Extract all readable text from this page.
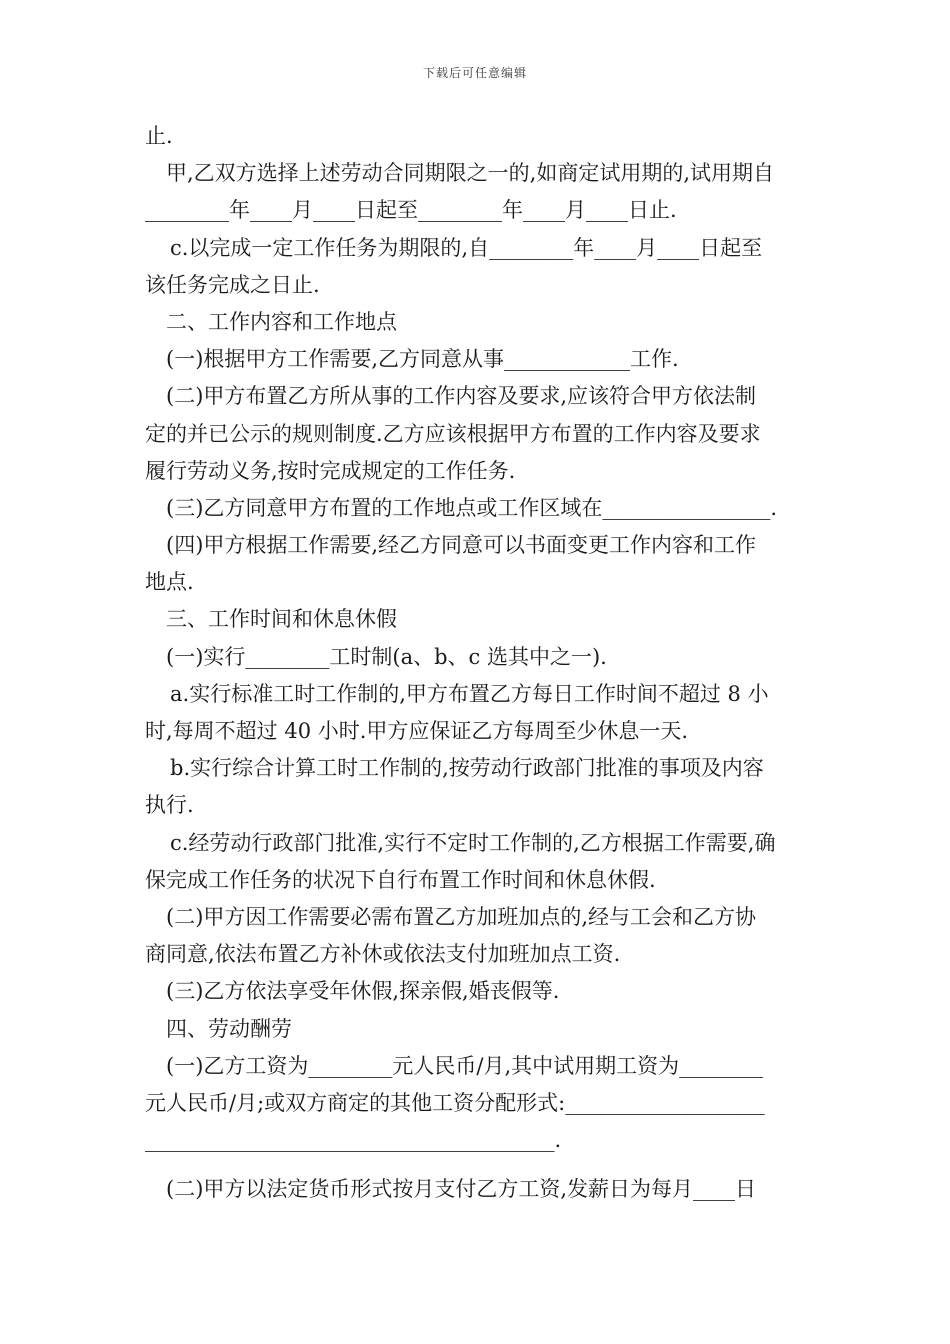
下载后可任意编辑
止.
甲,乙双方选择上述劳动合同期限之一的,如商定试用期的,试用期自
________年____月____日起至________年____月____日止.
c.以完成一定工作任务为期限的,自________年____月____日起至
该任务完成之日止.
二、工作内容和工作地点
(一)根据甲方工作需要,乙方同意从事____________工作.
(二)甲方布置乙方所从事的工作内容及要求,应该符合甲方依法制
定的并已公示的规则制度.乙方应该根据甲方布置的工作内容及要求
履行劳动义务,按时完成规定的工作任务.
(三)乙方同意甲方布置的工作地点或工作区域在________________.
(四)甲方根据工作需要,经乙方同意可以书面变更工作内容和工作
地点.
三、工作时间和休息休假
(一)实行________工时制(a、b、c 选其中之一).
a.实行标准工时工作制的,甲方布置乙方每日工作时间不超过 8 小
时,每周不超过 40 小时.甲方应保证乙方每周至少休息一天.
b.实行综合计算工时工作制的,按劳动行政部门批准的事项及内容
执行.
c.经劳动行政部门批准,实行不定时工作制的,乙方根据工作需要,确
保完成工作任务的状况下自行布置工作时间和休息休假.
(二)甲方因工作需要必需布置乙方加班加点的,经与工会和乙方协
商同意,依法布置乙方补休或依法支付加班加点工资.
(三)乙方依法享受年休假,探亲假,婚丧假等.
四、劳动酬劳
(一)乙方工资为________元人民币/月,其中试用期工资为________
元人民币/月;或双方商定的其他工资分配形式:___________________
_______________________________________.
(二)甲方以法定货币形式按月支付乙方工资,发薪日为每月____日
